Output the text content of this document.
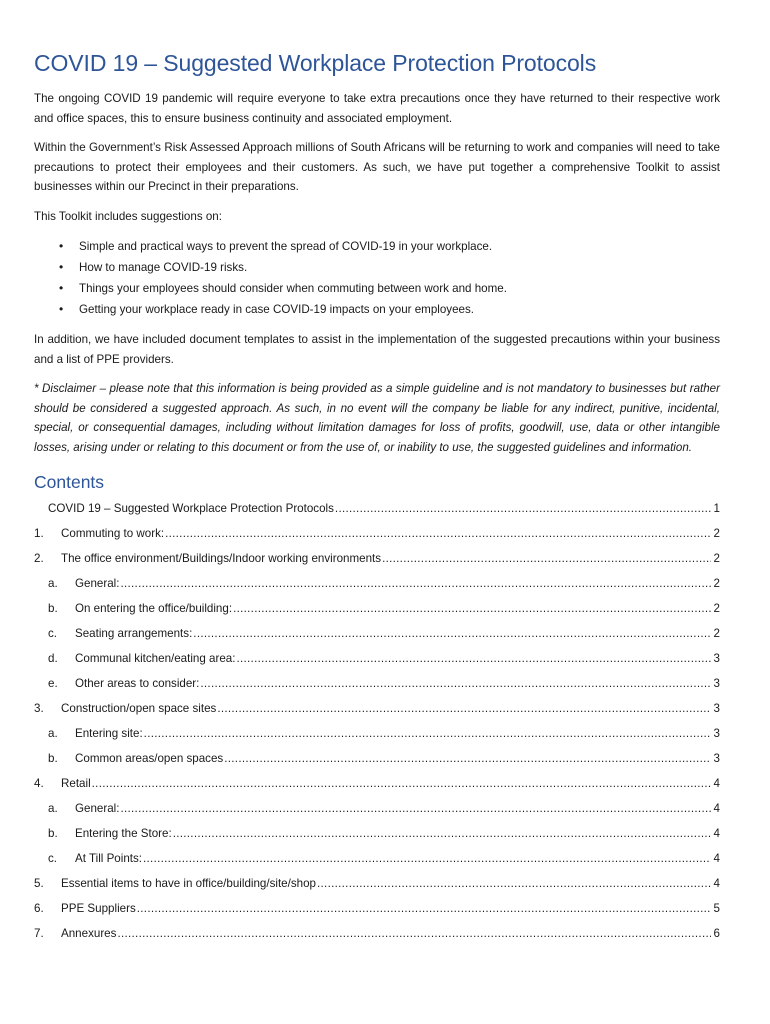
COVID 19 – Suggested Workplace Protection Protocols

The ongoing COVID 19 pandemic will require everyone to take extra precautions once they have returned to their respective work and office spaces, this to ensure business continuity and associated employment.

Within the Government’s Risk Assessed Approach millions of South Africans will be returning to work and companies will need to take precautions to protect their employees and their customers. As such, we have put together a comprehensive Toolkit to assist businesses within our Precinct in their preparations.

This Toolkit includes suggestions on:

• Simple and practical ways to prevent the spread of COVID-19 in your workplace.
• How to manage COVID-19 risks.
• Things your employees should consider when commuting between work and home.
• Getting your workplace ready in case COVID-19 impacts on your employees.

In addition, we have included document templates to assist in the implementation of the suggested precautions within your business and a list of PPE providers.

* Disclaimer – please note that this information is being provided as a simple guideline and is not mandatory to businesses but rather should be considered a suggested approach. As such, in no event will the company be liable for any indirect, punitive, incidental, special, or consequential damages, including without limitation damages for loss of profits, goodwill, use, data or other intangible losses, arising under or relating to this document or from the use of, or inability to use, the suggested guidelines and information.

Contents
COVID 19 – Suggested Workplace Protection Protocols .....	1
1.	Commuting to work: .....	2
2.	The office environment/Buildings/Indoor working environments .....	2
a.	General: .....	2
b.	On entering the office/building: .....	2
c.	Seating arrangements: .....	2
d.	Communal kitchen/eating area: .....	3
e.	Other areas to consider: .....	3
3.	Construction/open space sites .....	3
a.	Entering site: .....	3
b.	Common areas/open spaces .....	3
4.	Retail .....	4
a.	General: .....	4
b.	Entering the Store: .....	4
c.	At Till Points: .....	4
5.	Essential items to have in office/building/site/shop .....	4
6.	PPE Suppliers .....	5
7.	Annexures .....	6
